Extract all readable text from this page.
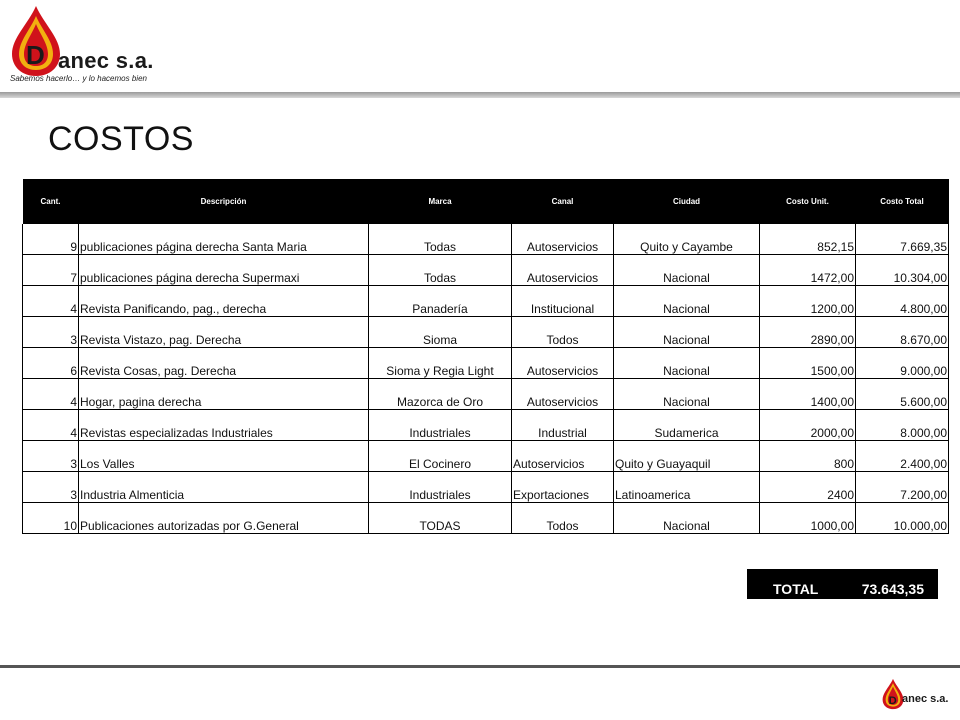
D anec s.a.
Sabemos hacerlo… y lo hacemos bien
COSTOS
Cant.	Descripción	Marca	Canal	Ciudad	Costo Unit.	Costo Total
9	publicaciones página derecha Santa Maria	Todas	Autoservicios	Quito y Cayambe	852,15	7.669,35
7	publicaciones página derecha Supermaxi	Todas	Autoservicios	Nacional	1472,00	10.304,00
4	Revista Panificando, pag., derecha	Panadería	Institucional	Nacional	1200,00	4.800,00
3	Revista Vistazo, pag. Derecha	Sioma	Todos	Nacional	2890,00	8.670,00
6	Revista Cosas, pag. Derecha	Sioma y Regia Light	Autoservicios	Nacional	1500,00	9.000,00
4	Hogar, pagina derecha	Mazorca de Oro	Autoservicios	Nacional	1400,00	5.600,00
4	Revistas especializadas Industriales	Industriales	Industrial	Sudamerica	2000,00	8.000,00
3	Los Valles	El Cocinero	Autoservicios	Quito y Guayaquil	800	2.400,00
3	Industria Almenticia	Industriales	Exportaciones	Latinoamerica	2400	7.200,00
10	Publicaciones autorizadas por G.General	TODAS	Todos	Nacional	1000,00	10.000,00
TOTAL	73.643,35
D anec s.a.
